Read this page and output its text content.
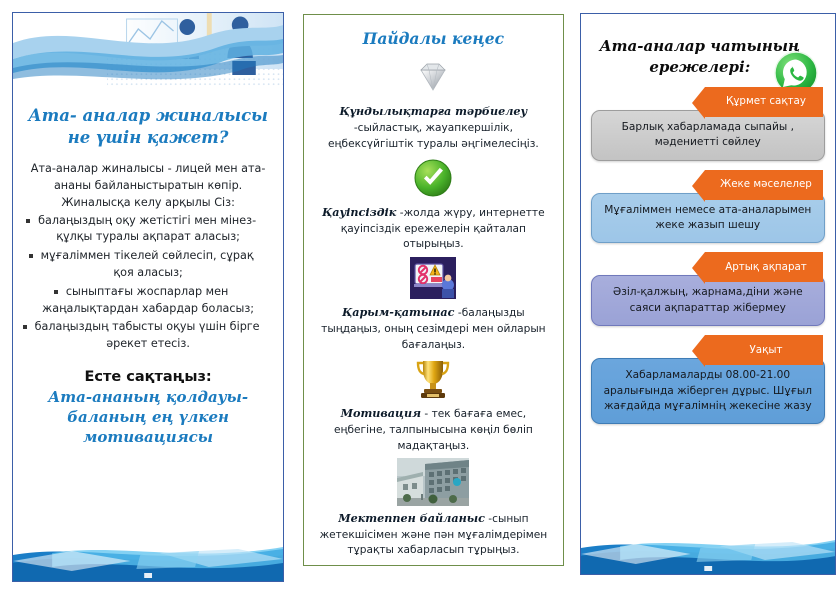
Ата- аналар жиналысы не үшін қажет?
Ата-аналар жиналысы - лицей мен ата-ананы байланыстыратын көпір. Жиналысқа келу арқылы Сіз:
балаңыздың оқу жетістігі мен мінез-құлқы туралы ақпарат аласыз;
мұғаліммен тікелей сөйлесіп, сұрақ қоя аласыз;
сыныптағы жоспарлар мен жаңалықтардан хабардар боласыз;
балаңыздың табысты оқуы үшін бірге әрекет етесіз.
Есте сақтаңыз:
Ата-ананың қолдауы- баланың ең үлкен мотивациясы
Пайдалы кеңес
Құндылықтарға тәрбиелеу -сыйластық, жауапкершілік, еңбексүйгіштік туралы әңгімелесіңіз.
Қауіпсіздік -жолда жүру, интернетте қауіпсіздік ережелерін қайталап отырыңыз.
Қарым-қатынас -балаңызды тыңдаңыз, оның сезімдері мен ойларын бағалаңыз.
Мотивация - тек бағаға емес, еңбегіне, талпынысына көңіл бөліп мадақтаңыз.
Мектеппен байланыс -сынып жетекшісімен және пән мұғалімдерімен тұрақты хабарласып тұрыңыз.
Ата-аналар чатының ережелері:
Құрмет сақтау
Барлық хабарламада сыпайы , мәдениетті сөйлеу
Жеке мәселелер
Мұғаліммен немесе ата-аналарымен жеке жазып шешу
Артық ақпарат
Әзіл-қалжың, жарнама,діни және саяси ақпараттар жібермеу
Уақыт
Хабарламаларды 08.00-21.00 аралығында жіберген дұрыс. Шұғыл жағдайда мұғалімнің жекесіне жазу
